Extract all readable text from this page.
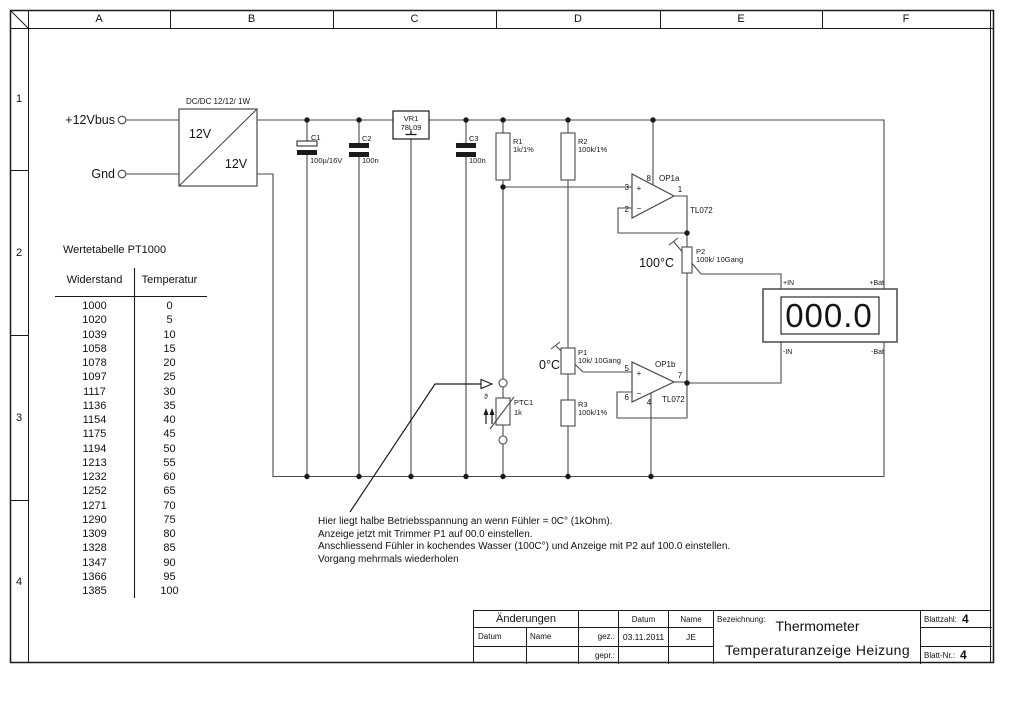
+12Vbus
Gnd
DC/DC 12/12/ 1W
12V
12V
C1
100µ/16V
C2
100n
VR1
78L09
C3
100n
R1
1k/1%
R2
100k/1%
3 +
2 −
8 OP1a
1
TL072
100°C
P2
100k/ 10Gang
0°C
P1
10k/ 10Gang
R3
100k/1%
5
+
6 −
OP1b
7
4 TL072
ϑ
PTC1
1k
000.0
+IN	+Bat
-IN	-Bat
A	B	C	D	E	F
1
2
3
4
Wertetabelle PT1000
Widerstand	Temperatur
1000	0
1020	5
1039	10
1058	15
1078	20
1097	25
1117	30
1136	35
1154	40
1175	45
1194	50
1213	55
1232	60
1252	65
1271	70
1290	75
1309	80
1328	85
1347	90
1366	95
1385	100
Hier liegt halbe Betriebsspannung an wenn Fühler = 0C° (1kOhm).
Anzeige jetzt mit Trimmer P1 auf 00.0 einstellen.
Anschliessend Fühler in kochendes Wasser (100C°) und Anzeige mit P2 auf 100.0 einstellen.
Vorgang mehrmals wiederholen
Änderungen	Datum	Name
Datum	Name	gez.: 03.11.2011	JE
gepr.:
Bezeichnung: Thermometer
Temperaturanzeige Heizung
Blattzahl: 4
Blatt-Nr.: 4
